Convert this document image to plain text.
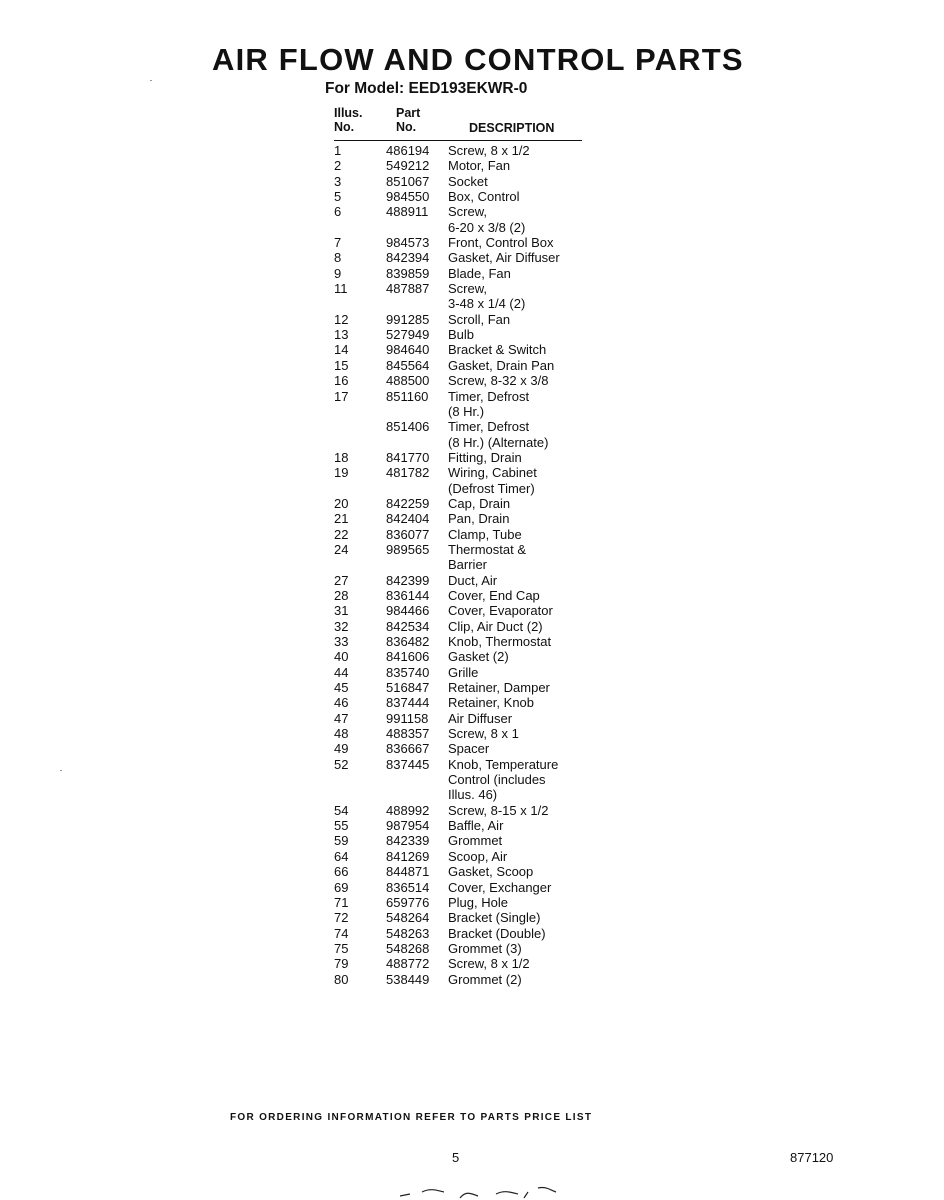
AIR FLOW AND CONTROL PARTS
For Model: EED193EKWR-0
Illus.
No.
Part
No.	DESCRIPTION
1	486194	Screw, 8 x 1/2
2	549212	Motor, Fan
3	851067	Socket
5	984550	Box, Control
6	488911	Screw,
6-20 x 3/8 (2)
7	984573	Front, Control Box
8	842394	Gasket, Air Diffuser
9	839859	Blade, Fan
11	487887	Screw,
3-48 x 1/4 (2)
12	991285	Scroll, Fan
13	527949	Bulb
14	984640	Bracket & Switch
15	845564	Gasket, Drain Pan
16	488500	Screw, 8-32 x 3/8
17	851160	Timer, Defrost
(8 Hr.)
851406	Timer, Defrost
(8 Hr.) (Alternate)
18	841770	Fitting, Drain
19	481782	Wiring, Cabinet
(Defrost Timer)
20	842259	Cap, Drain
21	842404	Pan, Drain
22	836077	Clamp, Tube
24	989565	Thermostat &
Barrier
27	842399	Duct, Air
28	836144	Cover, End Cap
31	984466	Cover, Evaporator
32	842534	Clip, Air Duct (2)
33	836482	Knob, Thermostat
40	841606	Gasket (2)
44	835740	Grille
45	516847	Retainer, Damper
46	837444	Retainer, Knob
47	991158	Air Diffuser
48	488357	Screw, 8 x 1
49	836667	Spacer
52	837445	Knob, Temperature
Control (includes
Illus. 46)
54	488992	Screw, 8-15 x 1/2
55	987954	Baffle, Air
59	842339	Grommet
64	841269	Scoop, Air
66	844871	Gasket, Scoop
69	836514	Cover, Exchanger
71	659776	Plug, Hole
72	548264	Bracket (Single)
74	548263	Bracket (Double)
75	548268	Grommet (3)
79	488772	Screw, 8 x 1/2
80	538449	Grommet (2)
FOR ORDERING INFORMATION REFER TO PARTS PRICE LIST
5	877120
